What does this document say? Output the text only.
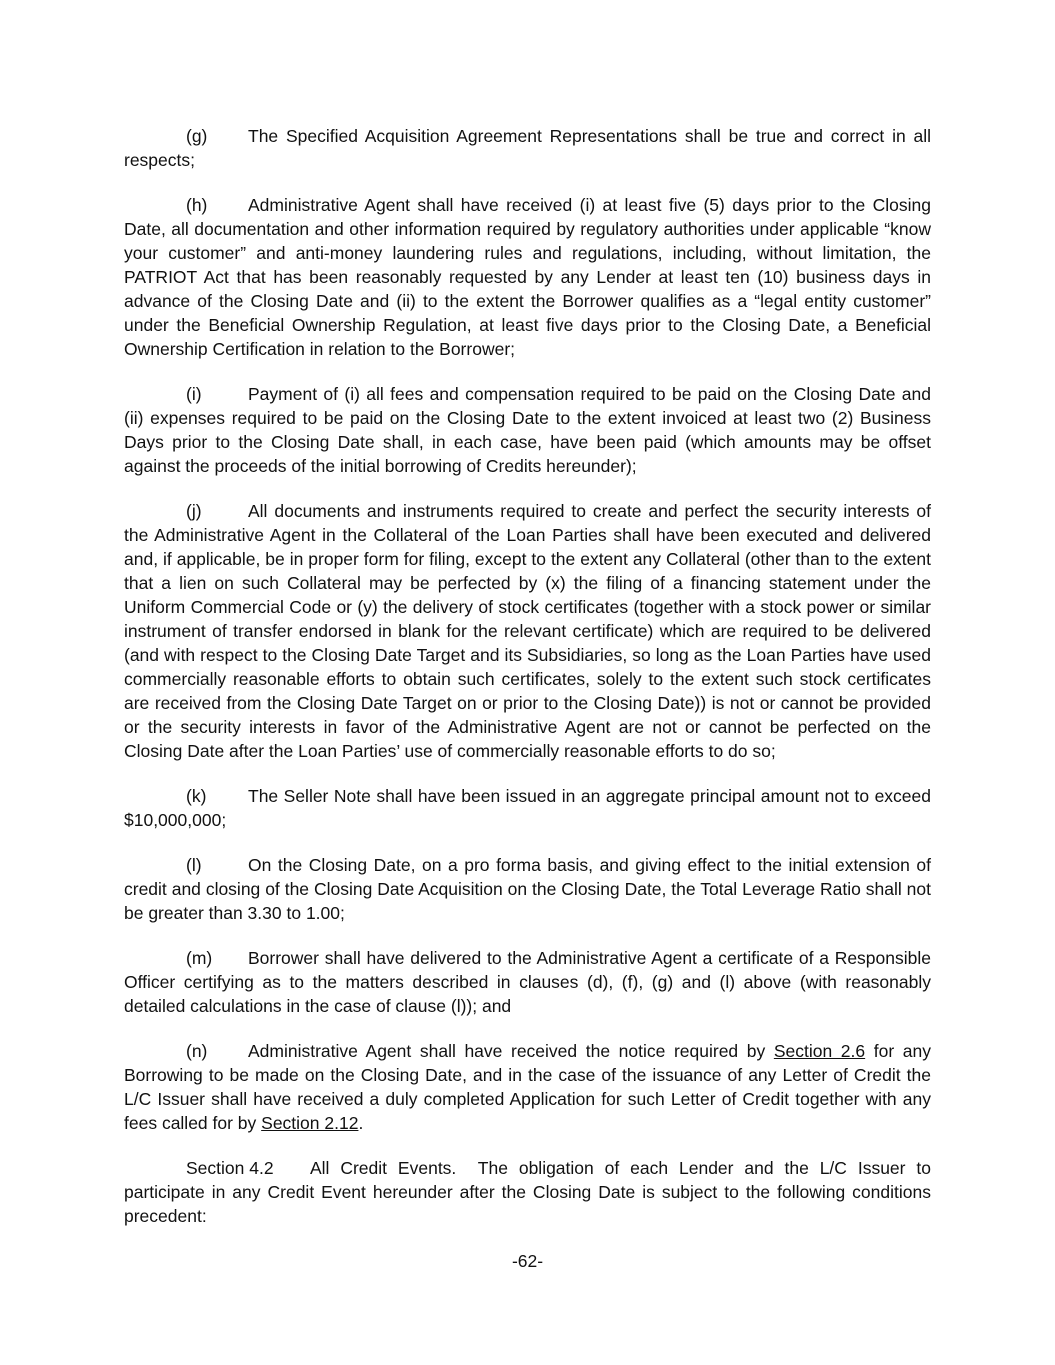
(g) The Specified Acquisition Agreement Representations shall be true and correct in all respects;

(h) Administrative Agent shall have received (i) at least five (5) days prior to the Closing Date, all documentation and other information required by regulatory authorities under applicable “know your customer” and anti-money laundering rules and regulations, including, without limitation, the PATRIOT Act that has been reasonably requested by any Lender at least ten (10) business days in advance of the Closing Date and (ii) to the extent the Borrower qualifies as a “legal entity customer” under the Beneficial Ownership Regulation, at least five days prior to the Closing Date, a Beneficial Ownership Certification in relation to the Borrower;

(i)	Payment of (i) all fees and compensation required to be paid on the Closing Date and (ii) expenses required to be paid on the Closing Date to the extent invoiced at least two (2) Business Days prior to the Closing Date shall, in each case, have been paid (which amounts may be offset against the proceeds of the initial borrowing of Credits hereunder);

(j)	All documents and instruments required to create and perfect the security interests of the Administrative Agent in the Collateral of the Loan Parties shall have been executed and delivered and, if applicable, be in proper form for filing, except to the extent any Collateral (other than to the extent that a lien on such Collateral may be perfected by (x) the filing of a financing statement under the Uniform Commercial Code or (y) the delivery of stock certificates (together with a stock power or similar instrument of transfer endorsed in blank for the relevant certificate) which are required to be delivered (and with respect to the Closing Date Target and its Subsidiaries, so long as the Loan Parties have used commercially reasonable efforts to obtain such certificates, solely to the extent such stock certificates are received from the Closing Date Target on or prior to the Closing Date)) is not or cannot be provided or the security interests in favor of the Administrative Agent are not or cannot be perfected on the Closing Date after the Loan Parties’ use of commercially reasonable efforts to do so;

(k) The Seller Note shall have been issued in an aggregate principal amount not to exceed $10,000,000;

(l)	On the Closing Date, on a pro forma basis, and giving effect to the initial extension of credit and closing of the Closing Date Acquisition on the Closing Date, the Total Leverage Ratio shall not be greater than 3.30 to 1.00;

(m) Borrower shall have delivered to the Administrative Agent a certificate of a Responsible Officer certifying as to the matters described in clauses (d), (f), (g) and (l) above (with reasonably detailed calculations in the case of clause (l)); and

(n) Administrative Agent shall have received the notice required by Section 2.6 for any Borrowing to be made on the Closing Date, and in the case of the issuance of any Letter of Credit the L/C Issuer shall have received a duly completed Application for such Letter of Credit together with any fees called for by Section 2.12.

Section 4.2 All Credit Events. The obligation of each Lender and the L/C Issuer to participate in any Credit Event hereunder after the Closing Date is subject to the following conditions precedent:

-62-
